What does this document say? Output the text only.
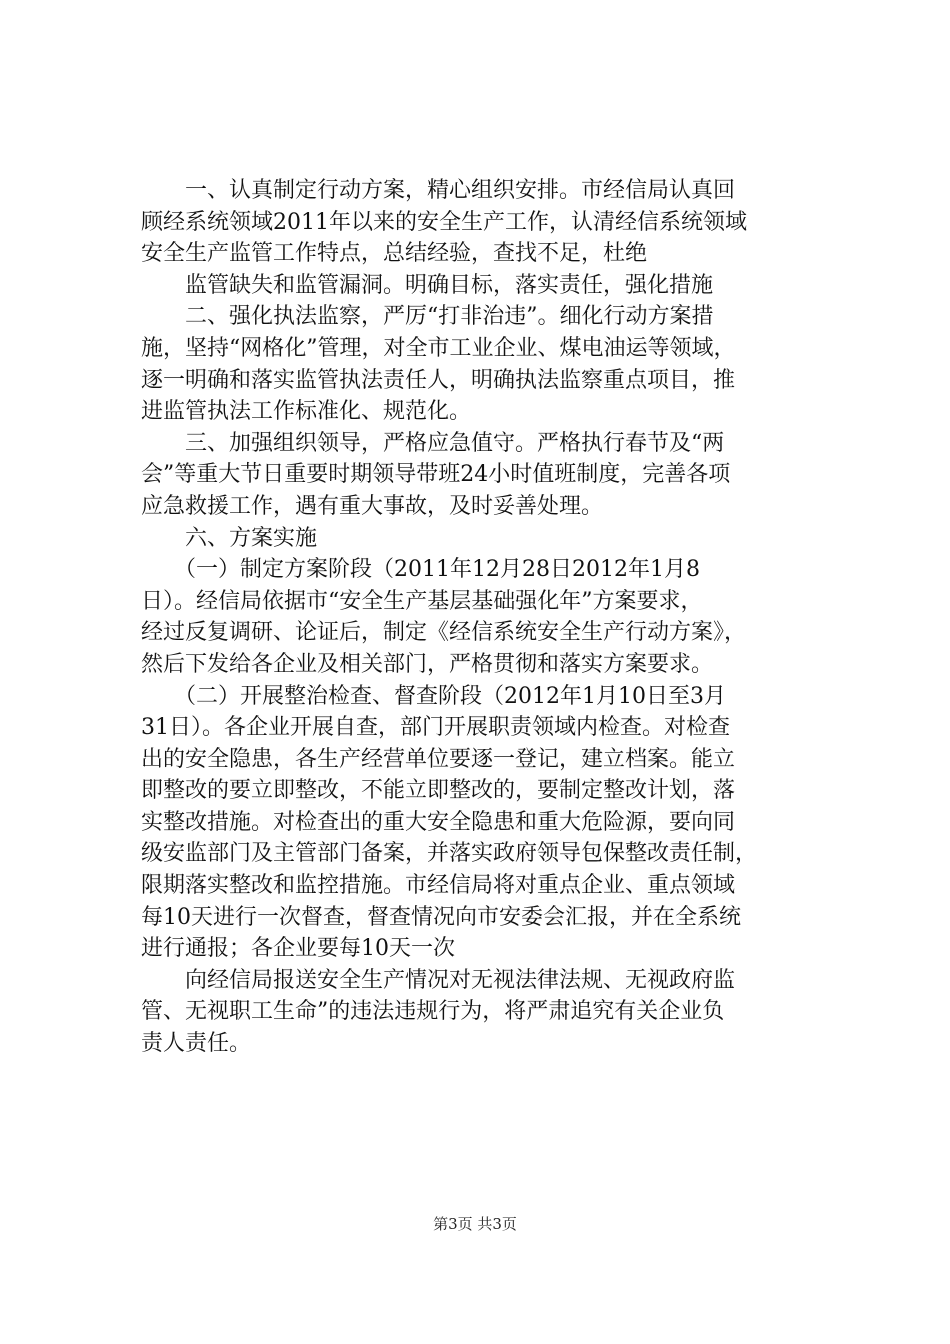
　　一、认真制定行动方案，精心组织安排。市经信局认真回
顾经系统领域2011年以来的安全生产工作，认清经信系统领域
安全生产监管工作特点，总结经验，查找不足，杜绝
　　监管缺失和监管漏洞。明确目标，落实责任，强化措施
　　二、强化执法监察，严厉“打非治违”。细化行动方案措
施，坚持“网格化”管理，对全市工业企业、煤电油运等领域，
逐一明确和落实监管执法责任人，明确执法监察重点项目，推
进监管执法工作标准化、规范化。
　　三、加强组织领导，严格应急值守。严格执行春节及“两
会”等重大节日重要时期领导带班24小时值班制度，完善各项
应急救援工作，遇有重大事故，及时妥善处理。
　　六、方案实施
　　（一）制定方案阶段（2011年12月28日2012年1月8
日）。经信局依据市“安全生产基层基础强化年”方案要求，
经过反复调研、论证后，制定《经信系统安全生产行动方案》，
然后下发给各企业及相关部门，严格贯彻和落实方案要求。
　　（二）开展整治检查、督查阶段（2012年1月10日至3月
31日）。各企业开展自查，部门开展职责领域内检查。对检查
出的安全隐患，各生产经营单位要逐一登记，建立档案。能立
即整改的要立即整改，不能立即整改的，要制定整改计划，落
实整改措施。对检查出的重大安全隐患和重大危险源，要向同
级安监部门及主管部门备案，并落实政府领导包保整改责任制，
限期落实整改和监控措施。市经信局将对重点企业、重点领域
每10天进行一次督查，督查情况向市安委会汇报，并在全系统
进行通报；各企业要每10天一次
　　向经信局报送安全生产情况对无视法律法规、无视政府监
管、无视职工生命”的违法违规行为，将严肃追究有关企业负
责人责任。
第3页 共3页
